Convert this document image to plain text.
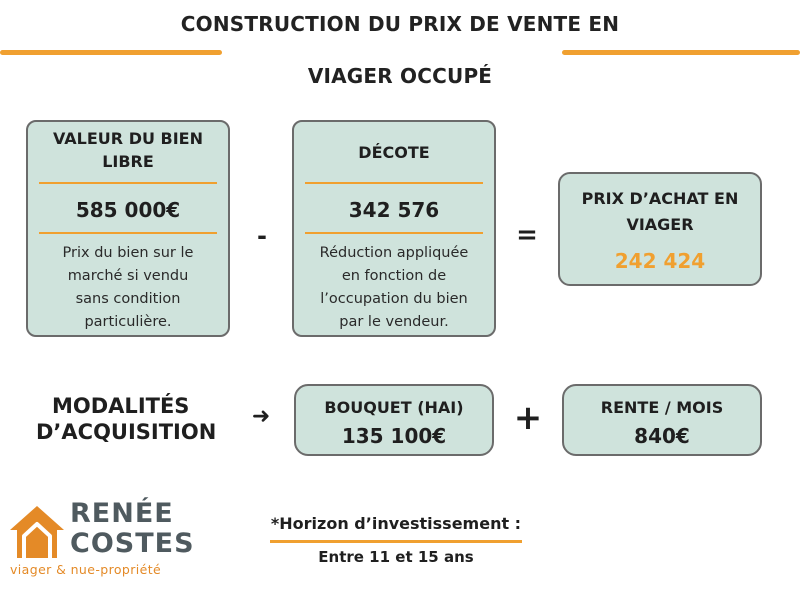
CONSTRUCTION DU PRIX DE VENTE EN
VIAGER OCCUPÉ
VALEUR DU BIEN
LIBRE
585 000€
Prix du bien sur le
marché si vendu
sans condition
particulière.
-
DÉCOTE
342 576
Réduction appliquée
en fonction de
l’occupation du bien
par le vendeur.
=
PRIX D’ACHAT EN
VIAGER
242 424
MODALITÉS
D’ACQUISITION
➜	BOUQUET (HAI)
135 100€	+	RENTE / MOIS
840€
RENÉE
COSTES
viager & nue-propriété
*Horizon d’investissement :
Entre 11 et 15 ans
